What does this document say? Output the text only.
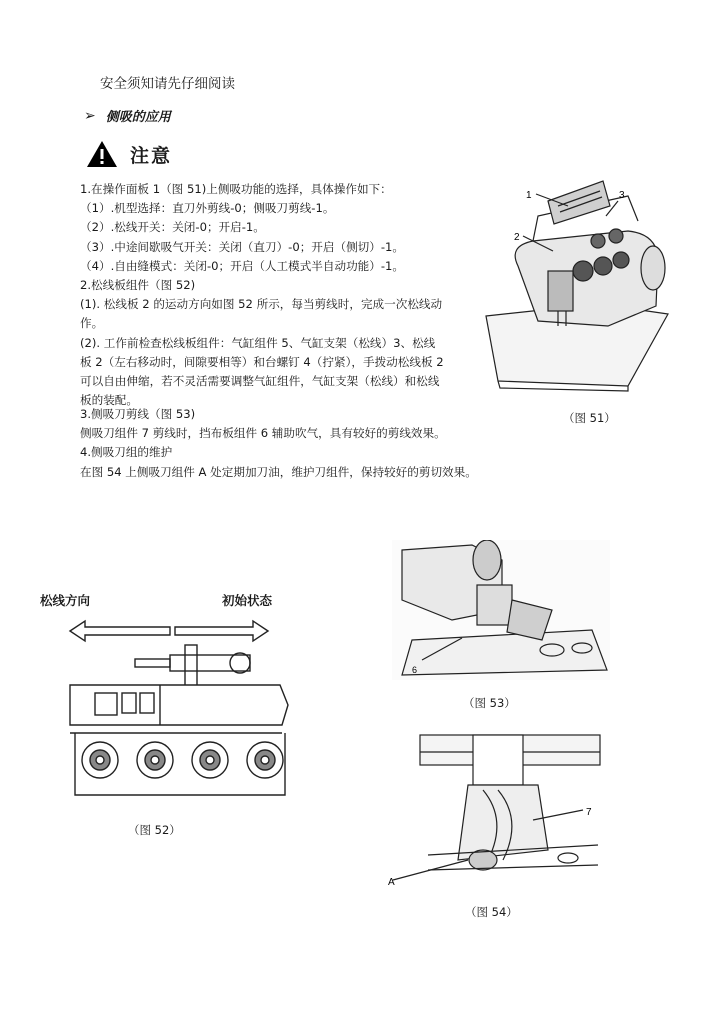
安全须知请先仔细阅读
➢ 侧吸的应用
注意
1.在操作面板 1（图 51)上侧吸功能的选择，具体操作如下：
（1）.机型选择：直刀外剪线-0；侧吸刀剪线-1。
（2）.松线开关：关闭-0；开启-1。
（3）.中途间歇吸气开关：关闭（直刀）-0；开启（侧切）-1。
（4）.自由缝模式：关闭-0；开启（人工模式半自动功能）-1。
2.松线板组件（图 52)
(1). 松线板 2 的运动方向如图 52 所示，每当剪线时，完成一次松线动
作。
(2). 工作前检查松线板组件：气缸组件 5、气缸支架（松线）3、松线
板 2（左右移动时，间隙要相等）和台螺钉 4（拧紧），手拨动松线板 2
可以自由伸缩，若不灵活需要调整气缸组件，气缸支架（松线）和松线
板的装配。
3.侧吸刀剪线（图 53)
侧吸刀组件 7 剪线时，挡布板组件 6 辅助吹气，具有较好的剪线效果。
4.侧吸刀组的维护
在图 54 上侧吸刀组件 A 处定期加刀油，维护刀组件，保持较好的剪切效果。
1
2
3
（图 51）
松线方向	初始状态
（图 52）
6
（图 53）
7
A
（图 54）
